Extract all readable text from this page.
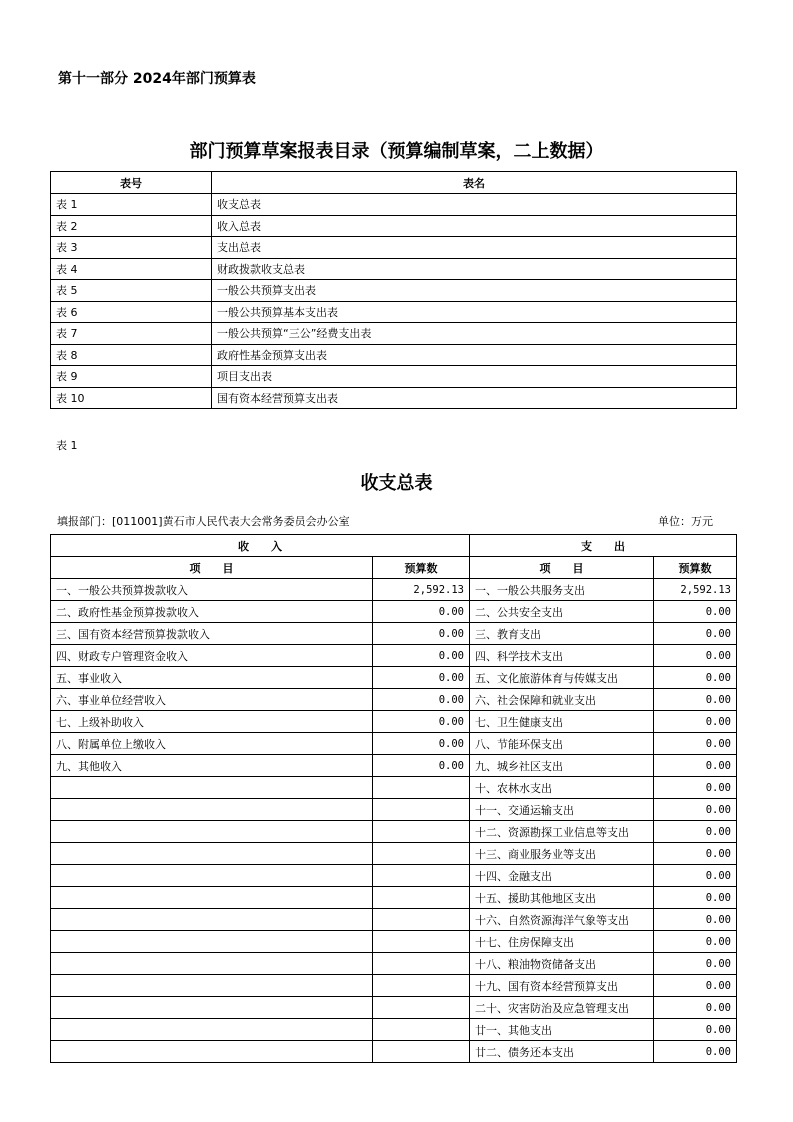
第十一部分 2024年部门预算表
部门预算草案报表目录（预算编制草案，二上数据）
表号	表名
表 1	收支总表
表 2	收入总表
表 3	支出总表
表 4	财政拨款收支总表
表 5	一般公共预算支出表
表 6	一般公共预算基本支出表
表 7	一般公共预算“三公”经费支出表
表 8	政府性基金预算支出表
表 9	项目支出表
表 10	国有资本经营预算支出表
表 1
收支总表
填报部门：[011001]黄石市人民代表大会常务委员会办公室	单位：万元
收　　入		支　　出	
项　　目	预算数	项　　目	预算数
一、一般公共预算拨款收入	2,592.13	一、一般公共服务支出	2,592.13
二、政府性基金预算拨款收入	0.00	二、公共安全支出	0.00
三、国有资本经营预算拨款收入	0.00	三、教育支出	0.00
四、财政专户管理资金收入	0.00	四、科学技术支出	0.00
五、事业收入	0.00	五、文化旅游体育与传媒支出	0.00
六、事业单位经营收入	0.00	六、社会保障和就业支出	0.00
七、上级补助收入	0.00	七、卫生健康支出	0.00
八、附属单位上缴收入	0.00	八、节能环保支出	0.00
九、其他收入	0.00	九、城乡社区支出	0.00
		十、农林水支出	0.00
		十一、交通运输支出	0.00
		十二、资源勘探工业信息等支出	0.00
		十三、商业服务业等支出	0.00
		十四、金融支出	0.00
		十五、援助其他地区支出	0.00
		十六、自然资源海洋气象等支出	0.00
		十七、住房保障支出	0.00
		十八、粮油物资储备支出	0.00
		十九、国有资本经营预算支出	0.00
		二十、灾害防治及应急管理支出	0.00
		廿一、其他支出	0.00
		廿二、债务还本支出	0.00
